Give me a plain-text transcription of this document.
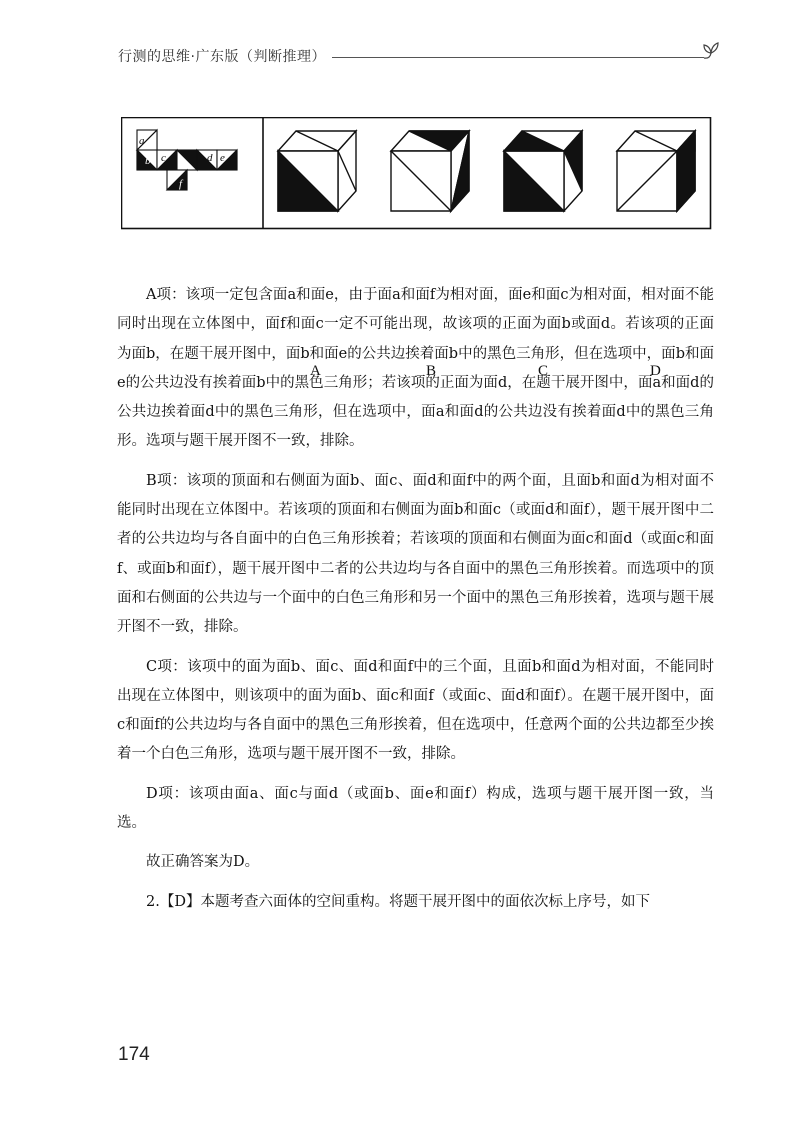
行测的思维·广东版（判断推理）
a
b c	d e
f
A	B	C	D

A项：该项一定包含面a和面e，由于面a和面f为相对面，面e和面c为相对面，相对面不能同时出现在立体图中，面f和面c一定不可能出现，故该项的正面为面b或面d。若该项的正面为面b，在题干展开图中，面b和面e的公共边挨着面b中的黑色三角形，但在选项中，面b和面e的公共边没有挨着面b中的黑色三角形；若该项的正面为面d，在题干展开图中，面a和面d的公共边挨着面d中的黑色三角形，但在选项中，面a和面d的公共边没有挨着面d中的黑色三角形。选项与题干展开图不一致，排除。

B项：该项的顶面和右侧面为面b、面c、面d和面f中的两个面，且面b和面d为相对面不能同时出现在立体图中。若该项的顶面和右侧面为面b和面c（或面d和面f），题干展开图中二者的公共边均与各自面中的白色三角形挨着；若该项的顶面和右侧面为面c和面d（或面c和面f、或面b和面f），题干展开图中二者的公共边均与各自面中的黑色三角形挨着。而选项中的顶面和右侧面的公共边与一个面中的白色三角形和另一个面中的黑色三角形挨着，选项与题干展开图不一致，排除。

C项：该项中的面为面b、面c、面d和面f中的三个面，且面b和面d为相对面，不能同时出现在立体图中，则该项中的面为面b、面c和面f（或面c、面d和面f）。在题干展开图中，面c和面f的公共边均与各自面中的黑色三角形挨着，但在选项中，任意两个面的公共边都至少挨着一个白色三角形，选项与题干展开图不一致，排除。

D项：该项由面a、面c与面d（或面b、面e和面f）构成，选项与题干展开图一致，当选。

故正确答案为D。

2.【D】本题考查六面体的空间重构。将题干展开图中的面依次标上序号，如下

174
